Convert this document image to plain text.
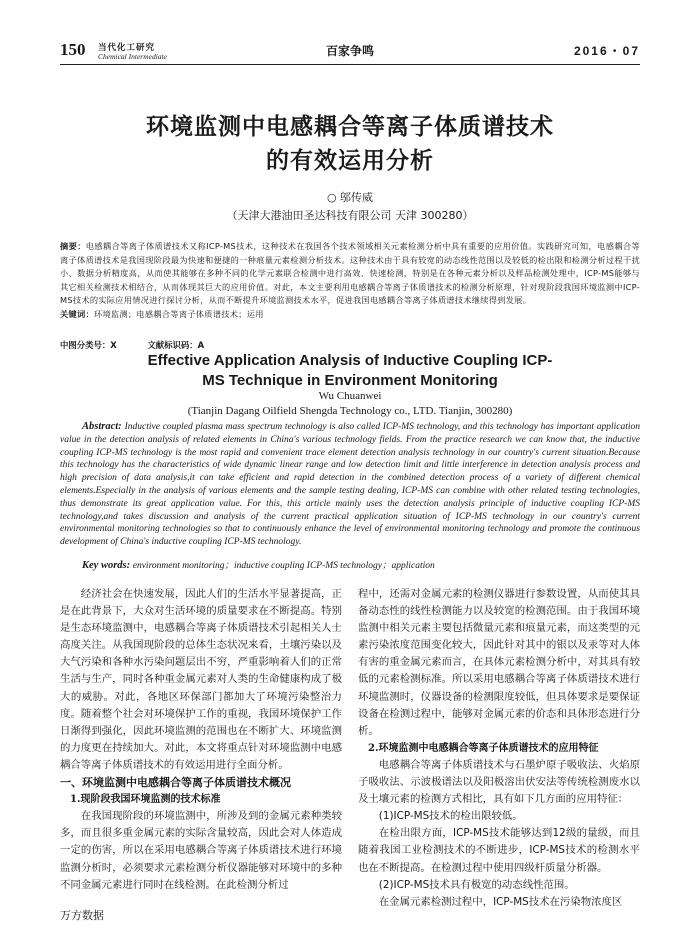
150 当代化工研究
Chemical Intermediate	百家争鸣	2016・07
环境监测中电感耦合等离子体质谱技术
的有效运用分析
○ 邬传威
（天津大港油田圣达科技有限公司 天津 300280）
摘要：电感耦合等离子体质谱技术又称ICP-MS技术，这种技术在我国各个技术领域相关元素检测分析中具有重要的应用价值。实践研究可知，电感耦合等离子体质谱技术是我国现阶段最为快速和便捷的一种痕量元素检测分析技术。这种技术由于具有较宽的动态线性范围以及较低的检出限和检测分析过程干扰小、数据分析精度高，从而使其能够在多种不同的化学元素联合检测中进行高效、快速检测，特别是在各种元素分析以及样品检测处理中，ICP-MS能够与其它相关检测技术相结合，从而体现其巨大的应用价值。对此，本文主要利用电感耦合等离子体质谱技术的检测分析原理，针对现阶段我国环境监测中ICP-MS技术的实际应用情况进行探讨分析，从而不断提升环境监测技术水平，促进我国电感耦合等离子体质谱技术继续得到发展。
关键词：环境监测；电感耦合等离子体质谱技术；运用
中图分类号：X	文献标识码：A
Effective Application Analysis of Inductive Coupling ICP-
MS Technique in Environment Monitoring
Wu Chuanwei
(Tianjin Dagang Oilfield Shengda Technology co., LTD. Tianjin, 300280)
Abstract: Inductive coupled plasma mass spectrum technology is also called ICP-MS technology, and this technology has important application value in the detection analysis of related elements in China's various technology fields. From the practice research we can know that, the inductive coupling ICP-MS technology is the most rapid and convenient trace element detection analysis technology in our country's current situation.Because this technology has the characteristics of wide dynamic linear range and low detection limit and little interference in detection analysis process and high precision of data analysis,it can take efficient and rapid detection in the combined detection process of a variety of different chemical elements.Especially in the analysis of various elements and the sample testing dealing, ICP-MS can combine with other related testing technologies, thus demonstrate its great application value. For this, this article mainly uses the detection analysis principle of inductive coupling ICP-MS technology,and takes discussion and analysis of the current practical application situation of ICP-MS technology in our country's current environmental monitoring technologies so that to continuously enhance the level of environmental monitoring technology and promote the continuous development of China's inductive coupling ICP-MS technology.
Key words: environment monitoring；inductive coupling ICP-MS technology；application

经济社会在快速发展，因此人们的生活水平显著提高，正是在此背景下，大众对生活环境的质量要求在不断提高。特别是生态环境监测中，电感耦合等离子体质谱技术引起相关人士高度关注。从我国现阶段的总体生态状况来看，土壤污染以及大气污染和各种水污染问题层出不穷，严重影响着人们的正常生活与生产，同时各种重金属元素对人类的生命健康构成了极大的威胁。对此，各地区环保部门都加大了环境污染整治力度。随着整个社会对环境保护工作的重视，我国环境保护工作日渐得到强化，因此环境监测的范围也在不断扩大、环境监测的力度更在持续加大。对此，本文将重点针对环境监测中电感耦合等离子体质谱技术的有效运用进行全面分析。

一、环境监测中电感耦合等离子体质谱技术概况

1.现阶段我国环境监测的技术标准

在我国现阶段的环境监测中，所涉及到的金属元素种类较多，而且很多重金属元素的实际含量较高，因此会对人体造成一定的伤害，所以在采用电感耦合等离子体质谱技术进行环境监测分析时，必须要求元素检测分析仪器能够对环境中的多种不同金属元素进行同时在线检测。在此检测分析过

程中，还需对金属元素的检测仪器进行参数设置，从而使其具备动态性的线性检测能力以及较宽的检测范围。由于我国环境监测中相关元素主要包括微量元素和痕量元素，而这类型的元素污染浓度范围变化较大，因此针对其中的银以及汞等对人体有害的重金属元素而言，在具体元素检测分析中，对其具有较低的元素检测标准。所以采用电感耦合等离子体质谱技术进行环境监测时，仪器设备的检测限度较低，但具体要求是要保证设备在检测过程中，能够对金属元素的价态和具体形态进行分析。

2.环境监测中电感耦合等离子体质谱技术的应用特征

电感耦合等离子体质谱技术与石墨炉原子吸收法、火焰原子吸收法、示波极谱法以及阳极溶出伏安法等传统检测废水以及土壤元素的检测方式相比，具有如下几方面的应用特征：

(1)ICP-MS技术的检出限较低。

在检出限方面，ICP-MS技术能够达到12级的量级，而且随着我国工业检测技术的不断进步，ICP-MS技术的检测水平也在不断提高。在检测过程中使用四级杆质量分析器。

(2)ICP-MS技术具有极宽的动态线性范围。

在金属元素检测过程中，ICP-MS技术在污染物浓度区

万方数据
